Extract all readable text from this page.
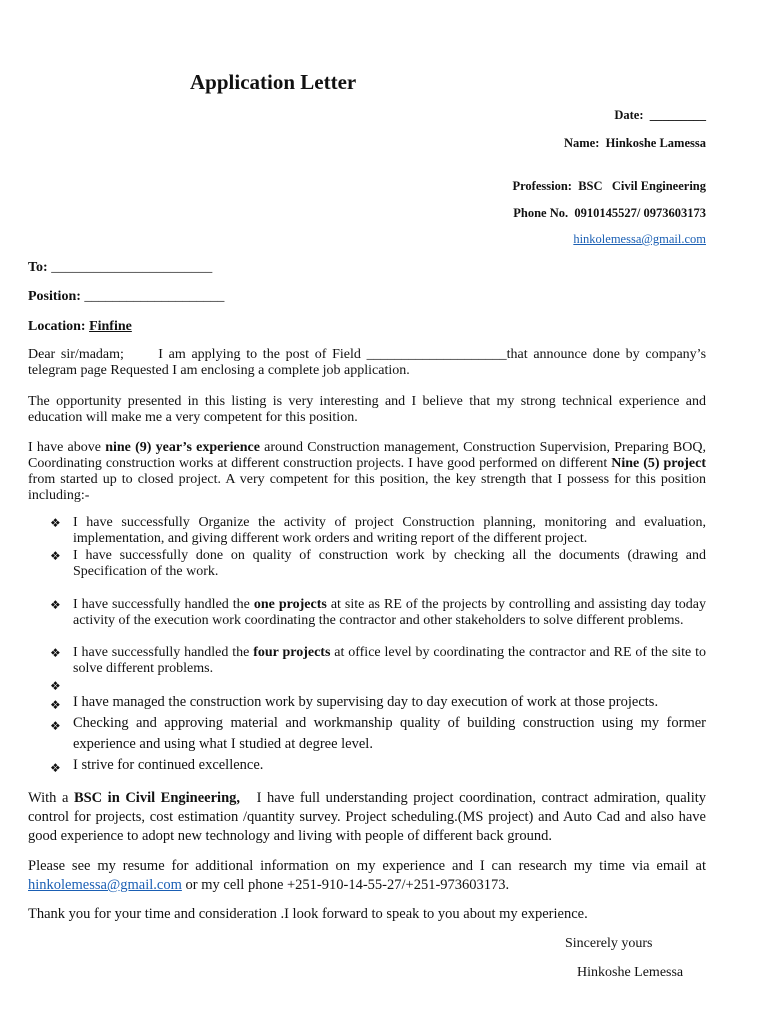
Application Letter
Date: _________
Name: Hinkoshe Lamessa
Profession: BSC   Civil Engineering
Phone No. 0910145527/ 0973603173
hinkolemessa@gmail.com
To: _______________________
Position: ____________________
Location: Finfine
Dear sir/madam;      I am applying to the post of Field ____________________that announce done by company’s telegram page Requested I am enclosing a complete job application.
The opportunity presented in this listing is very interesting and I believe that my strong technical experience and education will make me a very competent for this position.
I have above nine (9) year’s experience around Construction management, Construction Supervision, Preparing BOQ, Coordinating construction works at different construction projects. I have good performed on different Nine (5) project from started up to closed project. A very competent for this position, the key strength that I possess for this position including:-
❖ I have successfully Organize the activity of project Construction planning, monitoring and evaluation, implementation, and giving different work orders and writing report of the different project.
❖ I have successfully done on quality of construction work by checking all the documents (drawing and Specification of the work.
❖ I have successfully handled the one projects at site as RE of the projects by controlling and assisting day today activity of the execution work coordinating the contractor and other stakeholders to solve different problems.
❖ I have successfully handled the four projects at office level by coordinating the contractor and RE of the site to solve different problems.
❖
❖ I have managed the construction work by supervising day to day execution of work at those projects.
❖ Checking and approving material and workmanship quality of building construction using my former experience and using what I studied at degree level.
❖ I strive for continued excellence.
With a BSC in Civil Engineering, I have full understanding project coordination, contract admiration, quality control for projects, cost estimation /quantity survey. Project scheduling.(MS project) and Auto Cad and also have good experience to adopt new technology and living with people of different back ground.
Please see my resume for additional information on my experience and I can research my time via email at hinkolemessa@gmail.com or my cell phone +251-910-14-55-27/+251-973603173.
Thank you for your time and consideration .I look forward to speak to you about my experience.
Sincerely yours
Hinkoshe Lemessa
